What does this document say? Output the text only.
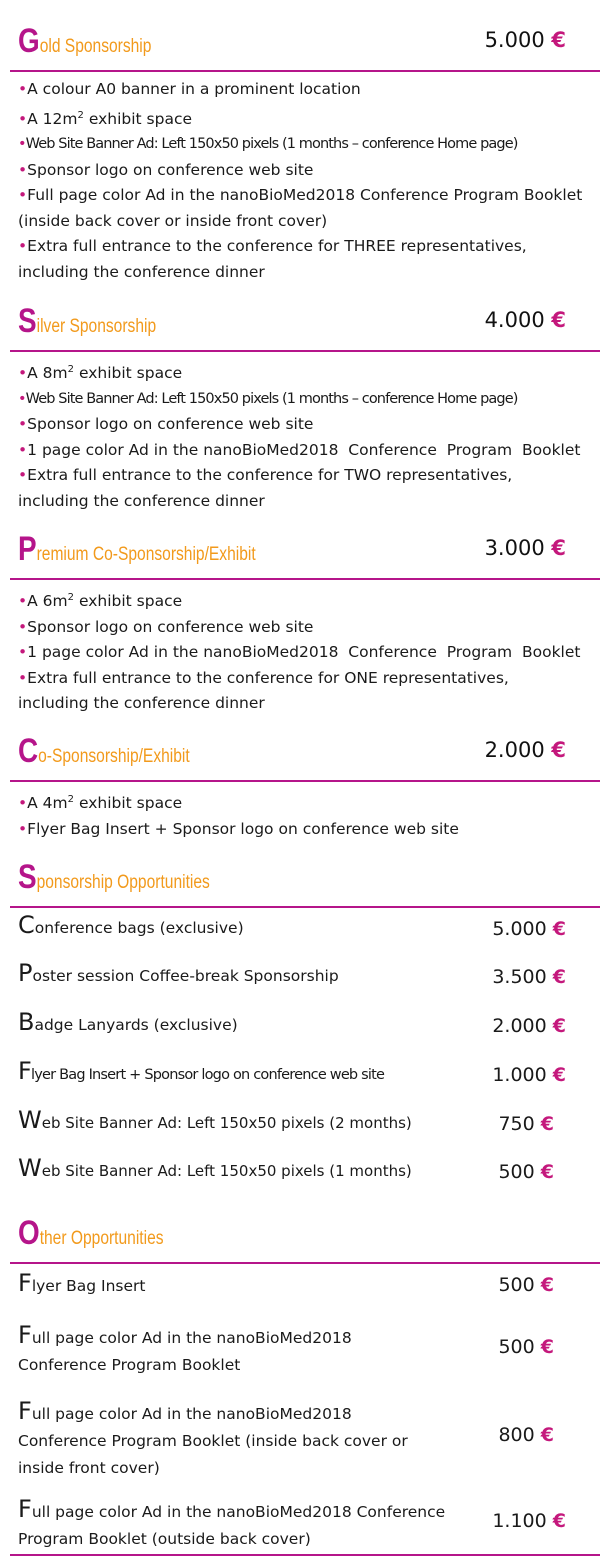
Gold Sponsorship	5.000 €
•A colour A0 banner in a prominent location
•A $12m^2$ exhibit space
•Web Site Banner Ad: Left 150x50 pixels (1 months – conference Home page)
•Sponsor logo on conference web site
•Full page color Ad in the nanoBioMed2018 Conference Program Booklet (inside back cover or inside front cover)
•Extra full entrance to the conference for THREE representatives, including the conference dinner
Silver Sponsorship	4.000 €
•A $8m^2$ exhibit space
•Web Site Banner Ad: Left 150x50 pixels (1 months – conference Home page)
•Sponsor logo on conference web site
•1 page color Ad in the nanoBioMed2018  Conference  Program  Booklet
•Extra full entrance to the conference for TWO representatives, including the conference dinner
Premium Co-Sponsorship/Exhibit	3.000 €
•A $6m^2$ exhibit space
•Sponsor logo on conference web site
•1 page color Ad in the nanoBioMed2018  Conference  Program  Booklet
•Extra full entrance to the conference for ONE representatives, including the conference dinner
Co-Sponsorship/Exhibit	2.000 €
•A $4m^2$ exhibit space
•Flyer Bag Insert + Sponsor logo on conference web site
Sponsorship Opportunities
Conference bags (exclusive)	5.000 €
Poster session Coffee-break Sponsorship	3.500 €
Badge Lanyards (exclusive)	2.000 €
Flyer Bag Insert + Sponsor logo on conference web site	1.000 €
Web Site Banner Ad: Left 150x50 pixels (2 months)	750 €
Web Site Banner Ad: Left 150x50 pixels (1 months)	500 €
Other Opportunities
Flyer Bag Insert	500 €
Full page color Ad in the nanoBioMed2018 Conference Program Booklet
500 €
Full page color Ad in the nanoBioMed2018 Conference Program Booklet (inside back cover or inside front cover)
800 €
Full page color Ad in the nanoBioMed2018 Conference Program Booklet (outside back cover)
1.100 €
